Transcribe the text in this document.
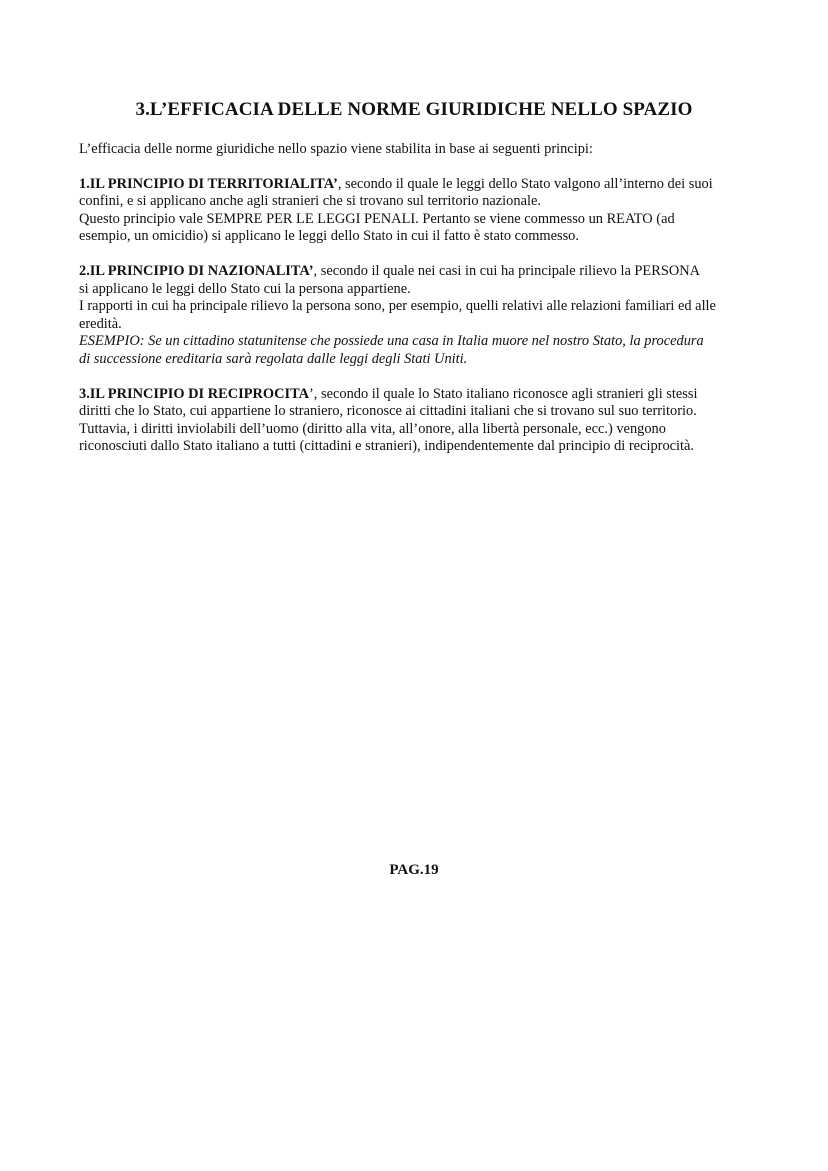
3.L’EFFICACIA DELLE NORME GIURIDICHE NELLO SPAZIO

L’efficacia delle norme giuridiche nello spazio viene stabilita in base ai seguenti principi:

1.IL PRINCIPIO DI TERRITORIALITA’, secondo il quale le leggi dello Stato valgono all’interno dei suoi

confini, e si applicano anche agli stranieri che si trovano sul territorio nazionale.

Questo principio vale SEMPRE PER LE LEGGI PENALI. Pertanto se viene commesso un REATO (ad

esempio, un omicidio) si applicano le leggi dello Stato in cui il fatto è stato commesso.

2.IL PRINCIPIO DI NAZIONALITA’, secondo il quale nei casi in cui ha principale rilievo la PERSONA

si applicano le leggi dello Stato cui la persona appartiene.

I rapporti in cui ha principale rilievo la persona sono, per esempio, quelli relativi alle relazioni familiari ed alle

eredità.

ESEMPIO: Se un cittadino statunitense che possiede una casa in Italia muore nel nostro Stato, la procedura

di successione ereditaria sarà regolata dalle leggi degli Stati Uniti.

3.IL PRINCIPIO DI RECIPROCITA’, secondo il quale lo Stato italiano riconosce agli stranieri gli stessi

diritti che lo Stato, cui appartiene lo straniero, riconosce ai cittadini italiani che si trovano sul suo territorio.

Tuttavia, i diritti inviolabili dell’uomo (diritto alla vita, all’onore, alla libertà personale, ecc.) vengono

riconosciuti dallo Stato italiano a tutti (cittadini e stranieri), indipendentemente dal principio di reciprocità.

PAG.19
